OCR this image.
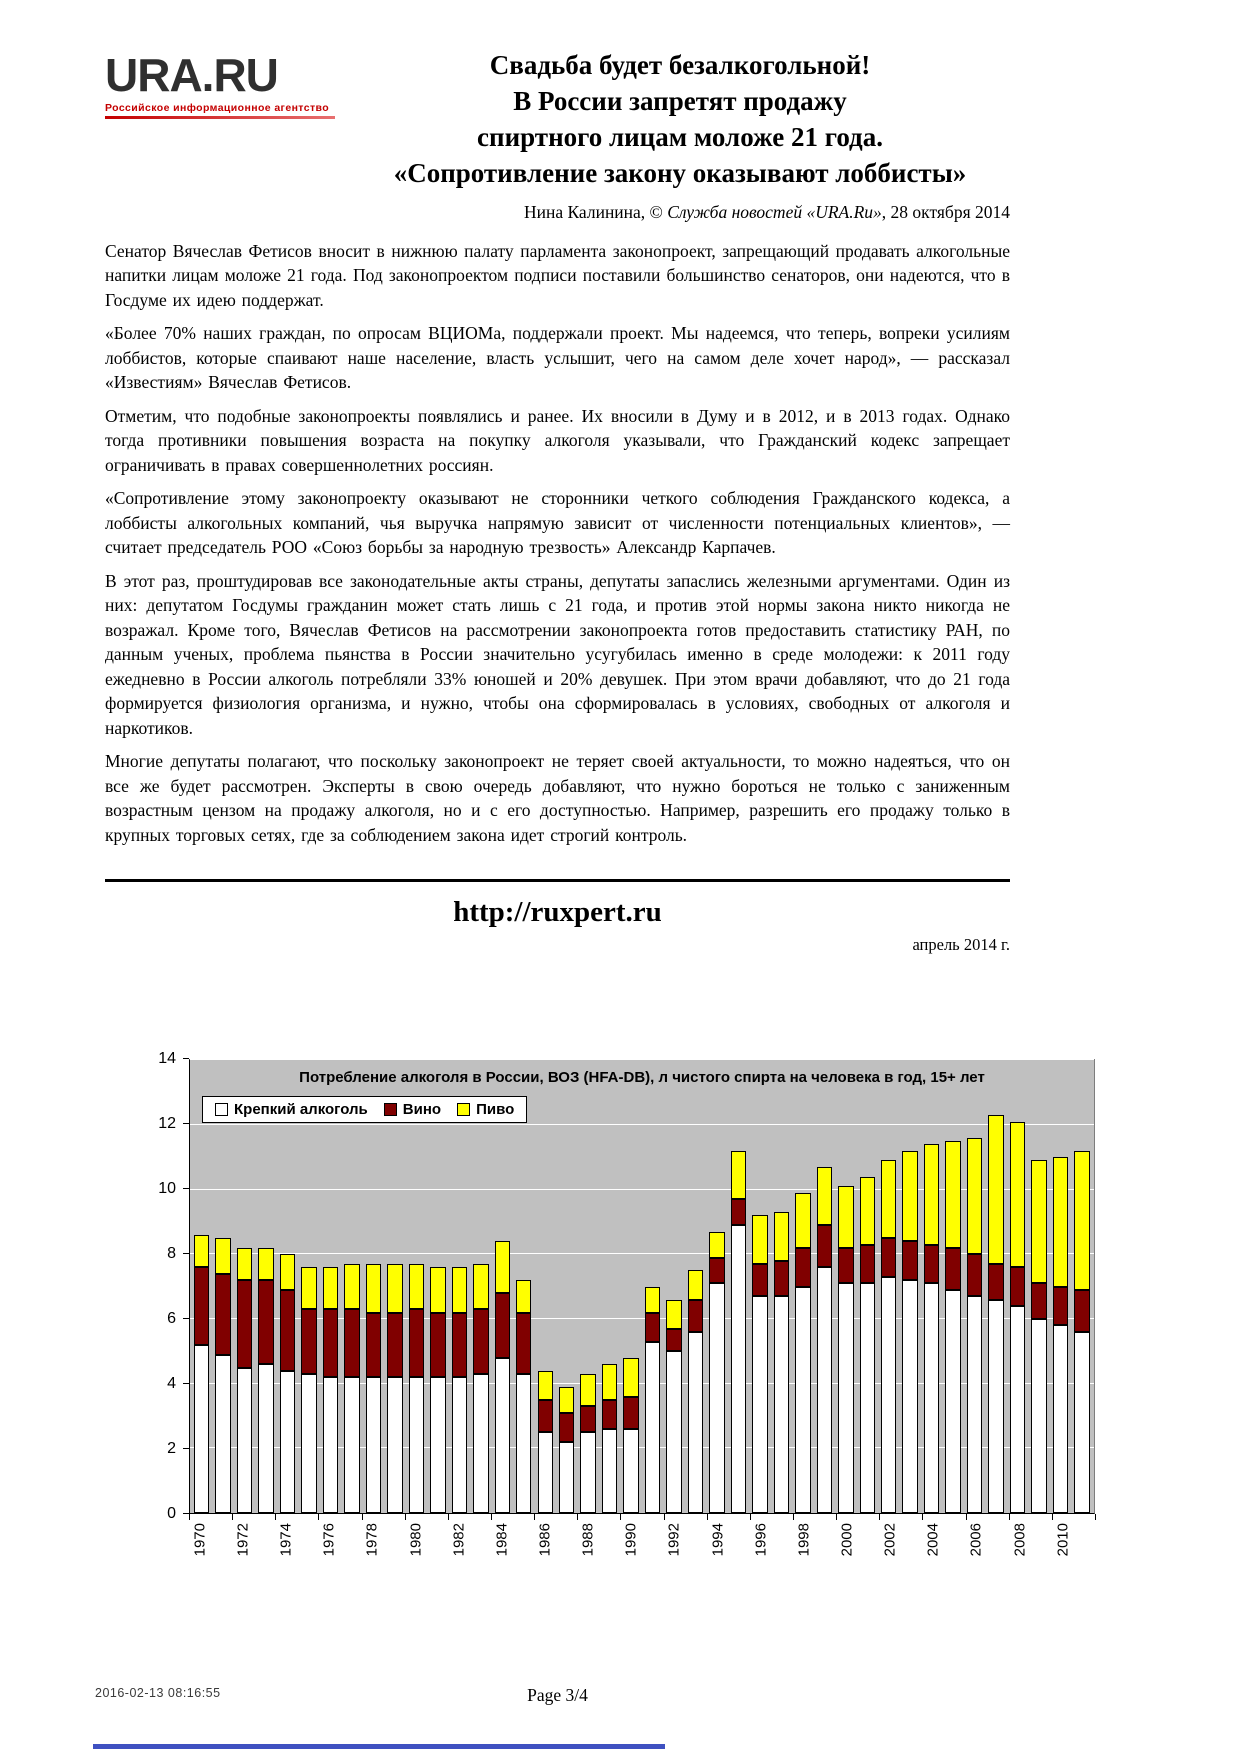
URA.RU
Российское информационное агентство
Свадьба будет безалкогольной!
В России запретят продажу
спиртного лицам моложе 21 года.
«Сопротивление закону оказывают лоббисты»
Нина Калинина, © Служба новостей «URA.Ru», 28 октября 2014

Сенатор Вячеслав Фетисов вносит в нижнюю палату парламента законопроект, запрещающий продавать алкогольные напитки лицам моложе 21 года. Под законопроектом подписи поставили большинство сенаторов, они надеются, что в Госдуме их идею поддержат.

«Более 70% наших граждан, по опросам ВЦИОМа, поддержали проект. Мы надеемся, что теперь, вопреки усилиям лоббистов, которые спаивают наше население, власть услышит, чего на самом деле хочет народ», — рассказал «Известиям» Вячеслав Фетисов.

Отметим, что подобные законопроекты появлялись и ранее. Их вносили в Думу и в 2012, и в 2013 годах. Однако тогда противники повышения возраста на покупку алкоголя указывали, что Гражданский кодекс запрещает ограничивать в правах совершеннолетних россиян.

«Сопротивление этому законопроекту оказывают не сторонники четкого соблюдения Гражданского кодекса, а лоббисты алкогольных компаний, чья выручка напрямую зависит от численности потенциальных клиентов», — считает председатель РОО «Союз борьбы за народную трезвость» Александр Карпачев.

В этот раз, проштудировав все законодательные акты страны, депутаты запаслись железными аргументами. Один из них: депутатом Госдумы гражданин может стать лишь с 21 года, и против этой нормы закона никто никогда не возражал. Кроме того, Вячеслав Фетисов на рассмотрении законопроекта готов предоставить статистику РАН, по данным ученых, проблема пьянства в России значительно усугубилась именно в среде молодежи: к 2011 году ежедневно в России алкоголь потребляли 33% юношей и 20% девушек. При этом врачи добавляют, что до 21 года формируется физиология организма, и нужно, чтобы она сформировалась в условиях, свободных от алкоголя и наркотиков.

Многие депутаты полагают, что поскольку законопроект не теряет своей актуальности, то можно надеяться, что он все же будет рассмотрен. Эксперты в свою очередь добавляют, что нужно бороться не только с заниженным возрастным цензом на продажу алкоголя, но и с его доступностью. Например, разрешить его продажу только в крупных торговых сетях, где за соблюдением закона идет строгий контроль.

http://ruxpert.ru
апрель 2014 г.
0
2
4
6
8
10
12
14
Потребление алкоголя в России, ВОЗ (HFA-DB), л чистого спирта на человека в год, 15+ лет
Крепкий алкоголь Вино Пиво
1970 1972 1974 1976 1978 1980 1982 1984 1986 1988 1990 1992 1994 1996 1998 2000 2002 2004 2006 2008 2010
2016-02-13 08:16:55	Page 3/4
